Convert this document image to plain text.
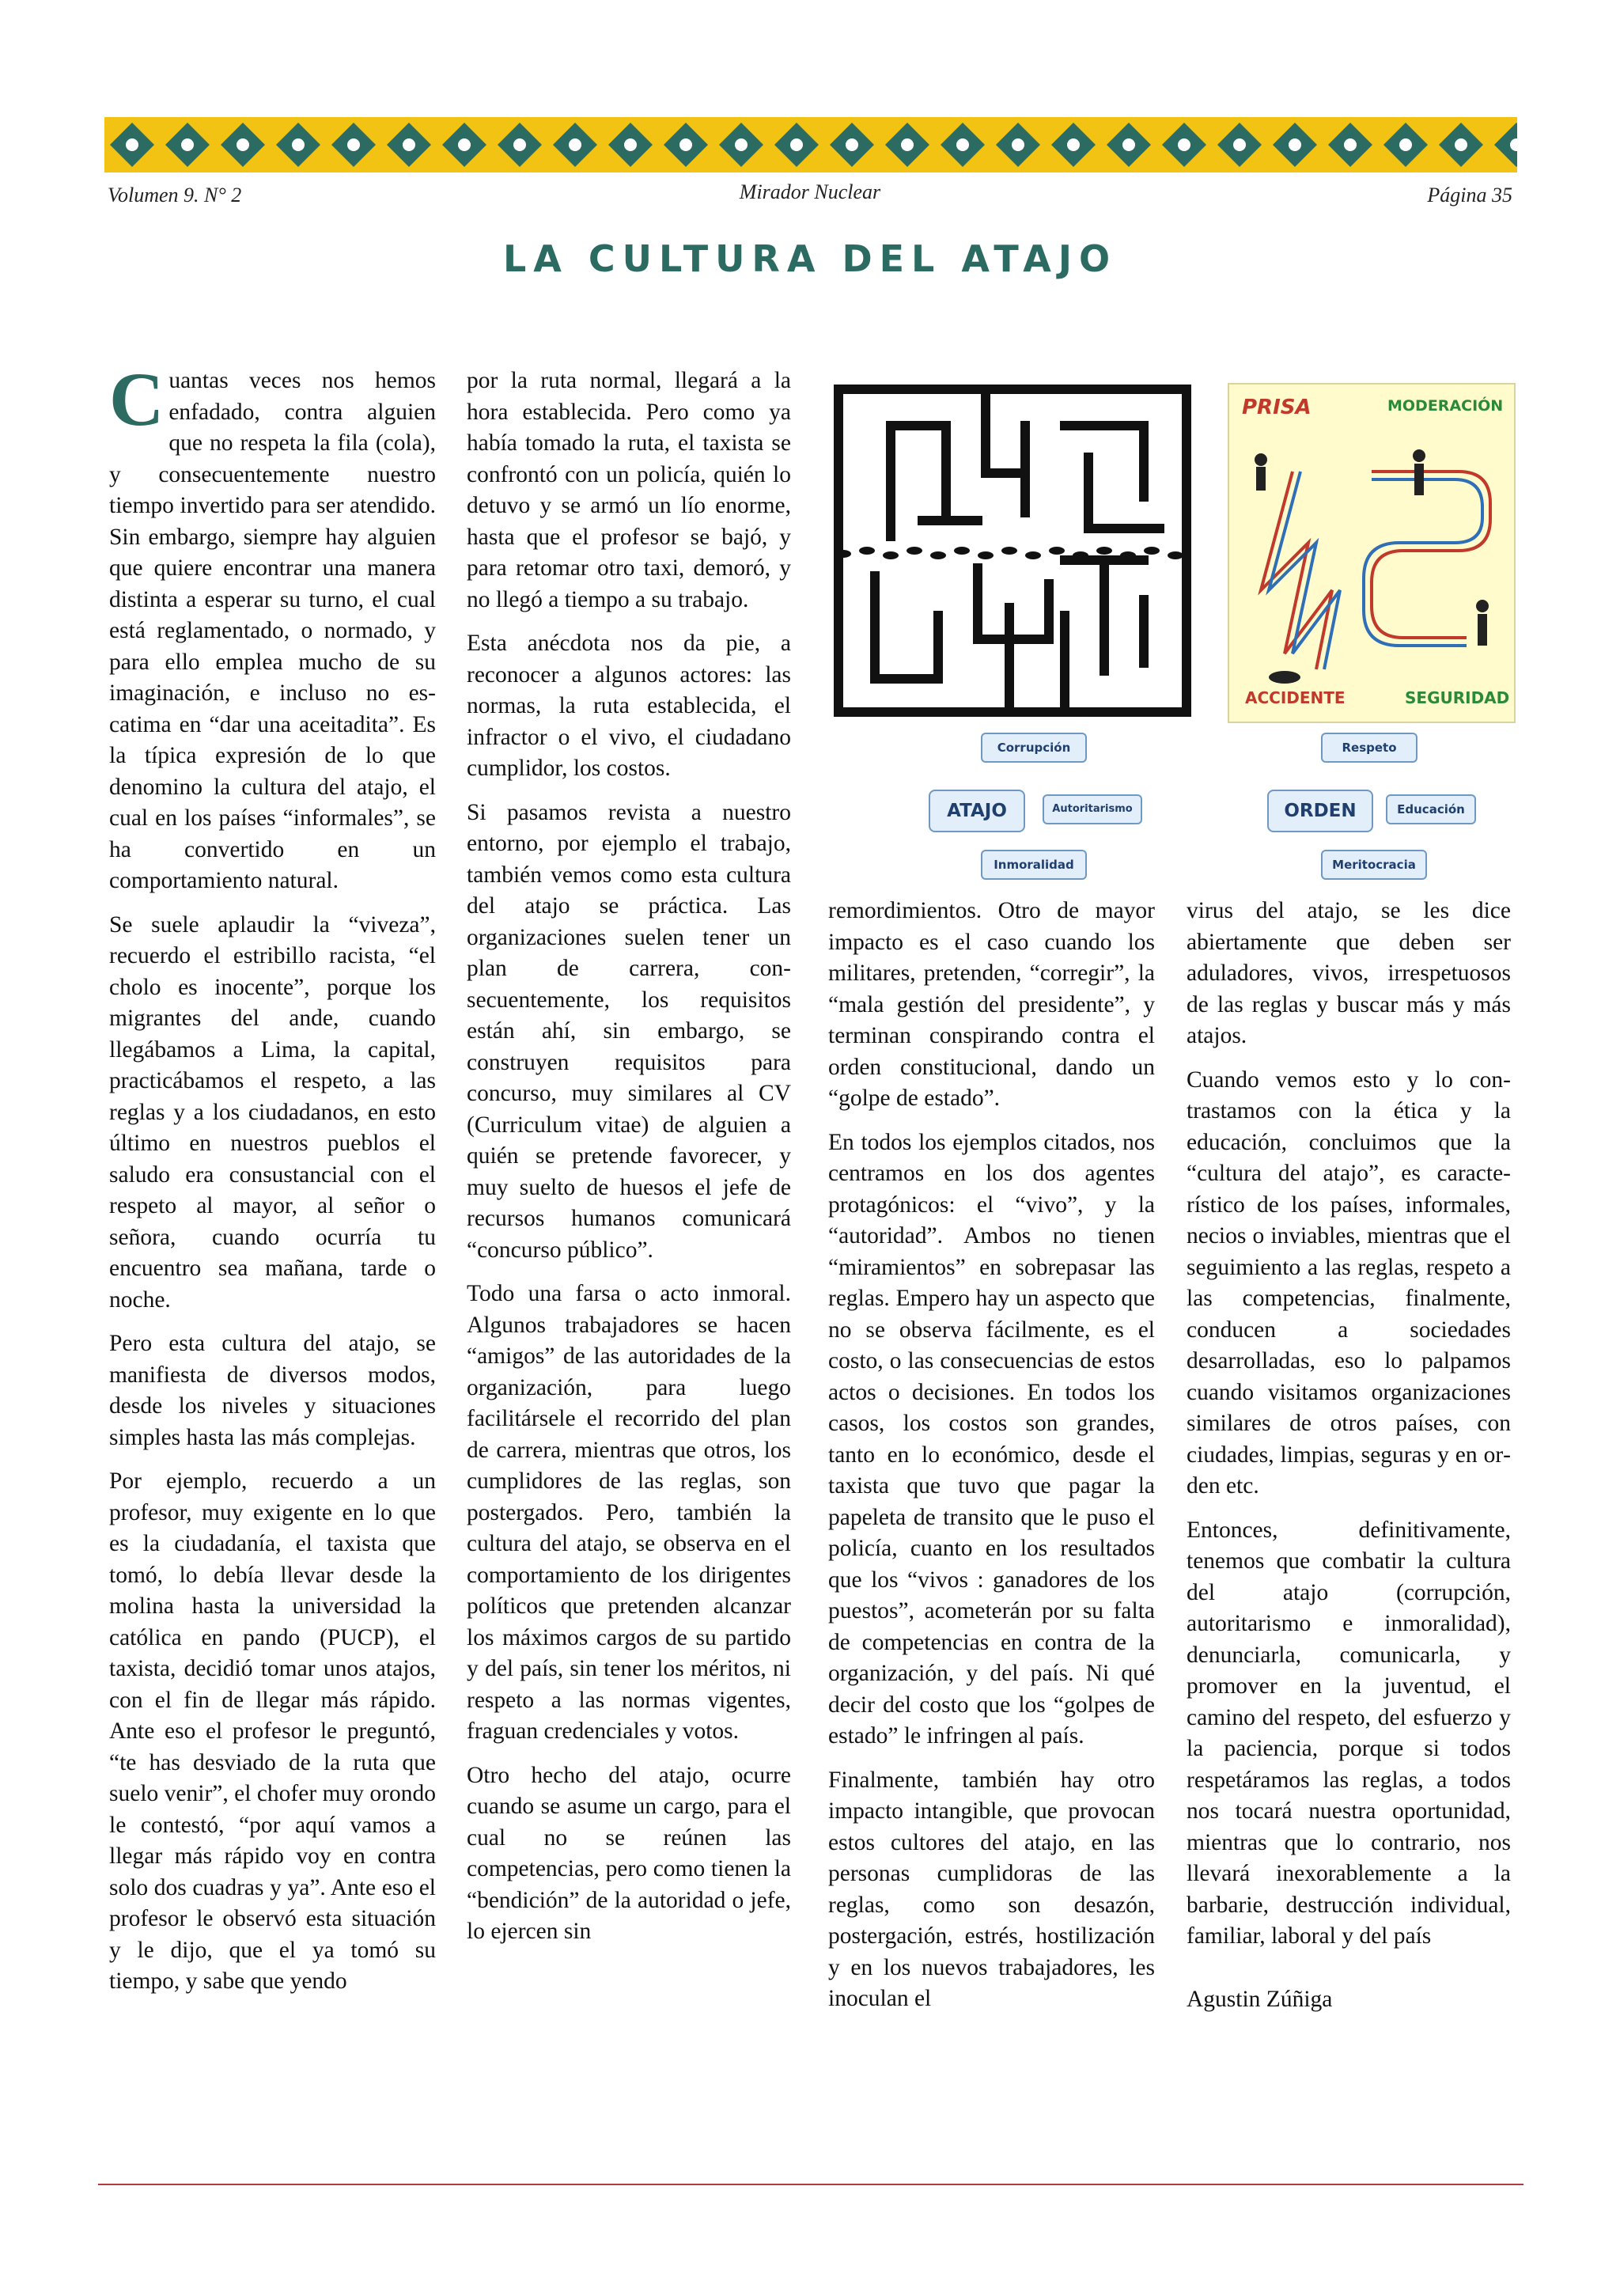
Volumen 9. N° 2	Mirador Nuclear	Página 35
LA CULTURA DEL ATAJO

Cuantas veces nos hemos enfadado, contra alguien que no respeta la fila (cola), y consecuentemente nuestro tiempo invertido para ser atendido. Sin embargo, siempre hay alguien que quiere encontrar una manera distinta a esperar su turno, el cual está reglamentado, o normado, y para ello emplea mucho de su imaginación, e incluso no escatima en “dar una aceitadita”. Es la típica expresión de lo que denomino la cultura del atajo, el cual en los países “informales”, se ha convertido en un comportamiento natural.

Se suele aplaudir la “viveza”, recuerdo el estribillo racista, “el cholo es inocente”, porque los migrantes del ande, cuando llegábamos a Lima, la capital, practicábamos el respeto, a las reglas y a los ciudadanos, en esto último en nuestros pueblos el saludo era consustancial con el respeto al mayor, al señor o señora, cuando ocurría tu encuentro sea mañana, tarde o noche.

Pero esta cultura del atajo, se manifiesta de diversos modos, desde los niveles y situaciones simples hasta las más complejas.

Por ejemplo, recuerdo a un profesor, muy exigente en lo que es la ciudadanía, el taxista que tomó, lo debía llevar desde la molina hasta la universidad la católica en pando (PUCP), el taxista, decidió tomar unos atajos, con el fin de llegar más rápido. Ante eso el profesor le preguntó, “te has desviado de la ruta que suelo venir”, el chofer muy orondo le contestó, “por aquí vamos a llegar más rápido voy en contra solo dos cuadras y ya”. Ante eso el profesor le observó esta situación y le dijo, que el ya tomó su tiempo, y sabe que yendo

por la ruta normal, llegará a la hora establecida. Pero como ya había tomado la ruta, el taxista se confrontó con un policía, quién lo detuvo y se armó un lío enorme, hasta que el profesor se bajó, y para retomar otro taxi, demoró, y no llegó a tiempo a su trabajo.

Esta anécdota nos da pie, a reconocer a algunos actores: las normas, la ruta establecida, el infractor o el vivo, el ciudadano cumplidor, los costos.

Si pasamos revista a nuestro entorno, por ejemplo el trabajo, también vemos como esta cultura del atajo se práctica. Las organizaciones suelen tener un plan de carrera, consecuentemente, los requisitos están ahí, sin embargo, se construyen requisitos para concurso, muy similares al CV (Curriculum vitae) de alguien a quién se pretende favorecer, y muy suelto de huesos el jefe de recursos humanos comunicará “concurso público”.

Todo una farsa o acto inmoral. Algunos trabajadores se hacen “amigos” de las autoridades de la organización, para luego facilitársele el recorrido del plan de carrera, mientras que otros, los cumplidores de las reglas, son postergados. Pero, también la cultura del atajo, se observa en el comportamiento de los dirigentes políticos que pretenden alcanzar los máximos cargos de su partido y del país, sin tener los méritos, ni respeto a las normas vigentes, fraguan credenciales y votos.

Otro hecho del atajo, ocurre cuando se asume un cargo, para el cual no se reúnen las competencias, pero como tienen la “bendición” de la autoridad o jefe, lo ejercen sin

PRISA	MODERACIÓN
ACCIDENTE	SEGURIDAD
Corrupción
ATAJO	Autoritarismo
Inmoralidad
Respeto
ORDEN	Educación
Meritocracia

remordimientos. Otro de mayor impacto es el caso cuando los militares, pretenden, “corregir”, la “mala gestión del presidente”, y terminan conspirando contra el orden constitucional, dando un “golpe de estado”.

En todos los ejemplos citados, nos centramos en los dos agentes protagónicos: el “vivo”, y la “autoridad”. Ambos no tienen “miramientos” en sobrepasar las reglas. Empero hay un aspecto que no se observa fácilmente, es el costo, o las consecuencias de estos actos o decisiones. En todos los casos, los costos son grandes, tanto en lo económico, desde el taxista que tuvo que pagar la papeleta de transito que le puso el policía, cuanto en los resultados que los “vivos : ganadores de los puestos”, acometerán por su falta de competencias en contra de la organización, y del país. Ni qué decir del costo que los “golpes de estado” le infringen al país.

Finalmente, también hay otro impacto intangible, que provocan estos cultores del atajo, en las personas cumplidoras de las reglas, como son desazón, postergación, estrés, hostilización y en los nuevos trabajadores, les inoculan el

virus del atajo, se les dice abiertamente que deben ser aduladores, vivos, irrespetuosos de las reglas y buscar más y más atajos.

Cuando vemos esto y lo contrastamos con la ética y la educación, concluimos que la “cultura del atajo”, es característico de los países, informales, necios o inviables, mientras que el seguimiento a las reglas, respeto a las competencias, finalmente, conducen a sociedades desarrolladas, eso lo palpamos cuando visitamos organizaciones similares de otros países, con ciudades, limpias, seguras y en orden etc.

Entonces, definitivamente, tenemos que combatir la cultura del atajo (corrupción, autoritarismo e inmoralidad), denunciarla, comunicarla, y promover en la juventud, el camino del respeto, del esfuerzo y la paciencia, porque si todos respetáramos las reglas, a todos nos tocará nuestra oportunidad, mientras que lo contrario, nos llevará inexorablemente a la barbarie, destrucción individual, familiar, laboral y del país

Agustin Zúñiga
